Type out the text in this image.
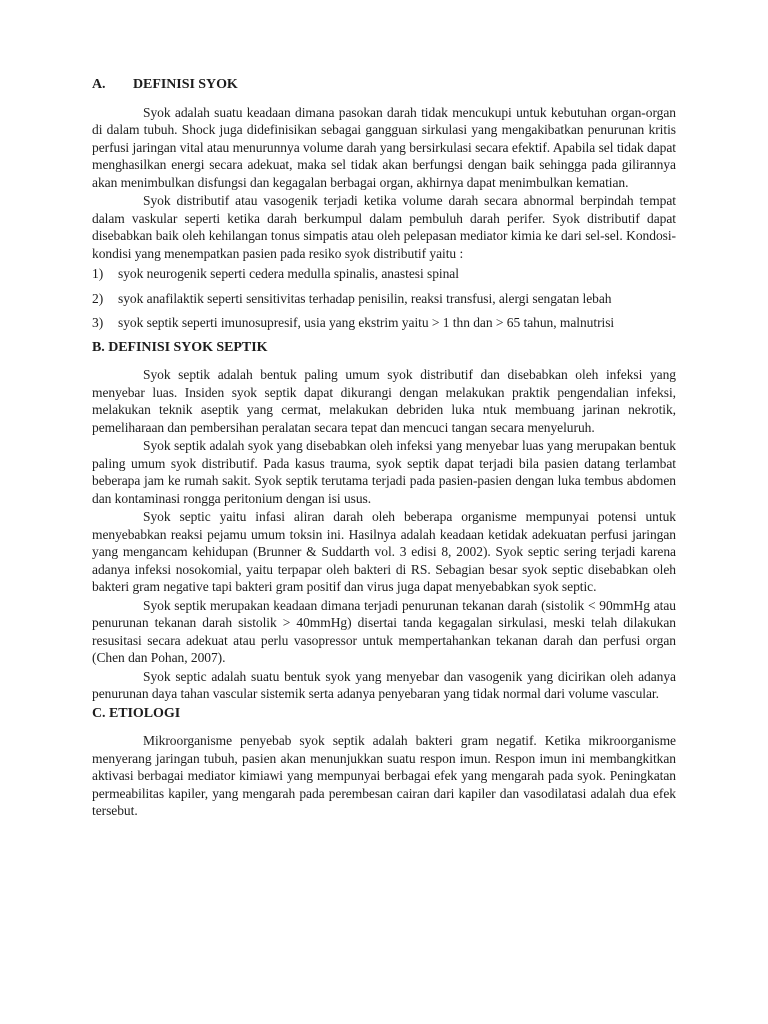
A. DEFINISI SYOK

Syok adalah suatu keadaan dimana pasokan darah tidak mencukupi untuk kebutuhan organ-organ di dalam tubuh. Shock juga didefinisikan sebagai gangguan sirkulasi yang mengakibatkan penurunan kritis perfusi jaringan vital atau menurunnya volume darah yang bersirkulasi secara efektif. Apabila sel tidak dapat menghasilkan energi secara adekuat, maka sel tidak akan berfungsi dengan baik sehingga pada gilirannya akan menimbulkan disfungsi dan kegagalan berbagai organ, akhirnya dapat menimbulkan kematian.

Syok distributif atau vasogenik terjadi ketika volume darah secara abnormal berpindah tempat dalam vaskular seperti ketika darah berkumpul dalam pembuluh darah perifer. Syok distributif dapat disebabkan baik oleh kehilangan tonus simpatis atau oleh pelepasan mediator kimia ke dari sel-sel. Kondosi-kondisi yang menempatkan pasien pada resiko syok distributif yaitu :

1) syok neurogenik seperti cedera medulla spinalis, anastesi spinal
2) syok anafilaktik seperti sensitivitas terhadap penisilin, reaksi transfusi, alergi sengatan lebah
3) syok septik seperti imunosupresif, usia yang ekstrim yaitu > 1 thn dan > 65 tahun, malnutrisi
B. DEFINISI SYOK SEPTIK

Syok septik adalah bentuk paling umum syok distributif dan disebabkan oleh infeksi yang menyebar luas. Insiden syok septik dapat dikurangi dengan melakukan praktik pengendalian infeksi, melakukan teknik aseptik yang cermat, melakukan debriden luka ntuk membuang jarinan nekrotik, pemeliharaan dan pembersihan peralatan secara tepat dan mencuci tangan secara menyeluruh.

Syok septik adalah syok yang disebabkan oleh infeksi yang menyebar luas yang merupakan bentuk paling umum syok distributif. Pada kasus trauma, syok septik dapat terjadi bila pasien datang terlambat beberapa jam ke rumah sakit. Syok septik terutama terjadi pada pasien-pasien dengan luka tembus abdomen dan kontaminasi rongga peritonium dengan isi usus.

Syok septic yaitu infasi aliran darah oleh beberapa organisme mempunyai potensi untuk menyebabkan reaksi pejamu umum toksin ini. Hasilnya adalah keadaan ketidak adekuatan perfusi jaringan yang mengancam kehidupan (Brunner & Suddarth vol. 3 edisi 8, 2002). Syok septic sering terjadi karena adanya infeksi nosokomial, yaitu terpapar oleh bakteri di RS. Sebagian besar syok septic disebabkan oleh bakteri gram negative tapi bakteri gram positif dan virus juga dapat menyebabkan syok septic.

Syok septik merupakan keadaan dimana terjadi penurunan tekanan darah (sistolik < 90mmHg atau penurunan tekanan darah sistolik > 40mmHg) disertai tanda kegagalan sirkulasi, meski telah dilakukan resusitasi secara adekuat atau perlu vasopressor untuk mempertahankan tekanan darah dan perfusi organ (Chen dan Pohan, 2007).

Syok septic adalah suatu bentuk syok yang menyebar dan vasogenik yang dicirikan oleh adanya penurunan daya tahan vascular sistemik serta adanya penyebaran yang tidak normal dari volume vascular.

C. ETIOLOGI

Mikroorganisme penyebab syok septik adalah bakteri gram negatif. Ketika mikroorganisme menyerang jaringan tubuh, pasien akan menunjukkan suatu respon imun. Respon imun ini membangkitkan aktivasi berbagai mediator kimiawi yang mempunyai berbagai efek yang mengarah pada syok. Peningkatan permeabilitas kapiler, yang mengarah pada perembesan cairan dari kapiler dan vasodilatasi adalah dua efek tersebut.
